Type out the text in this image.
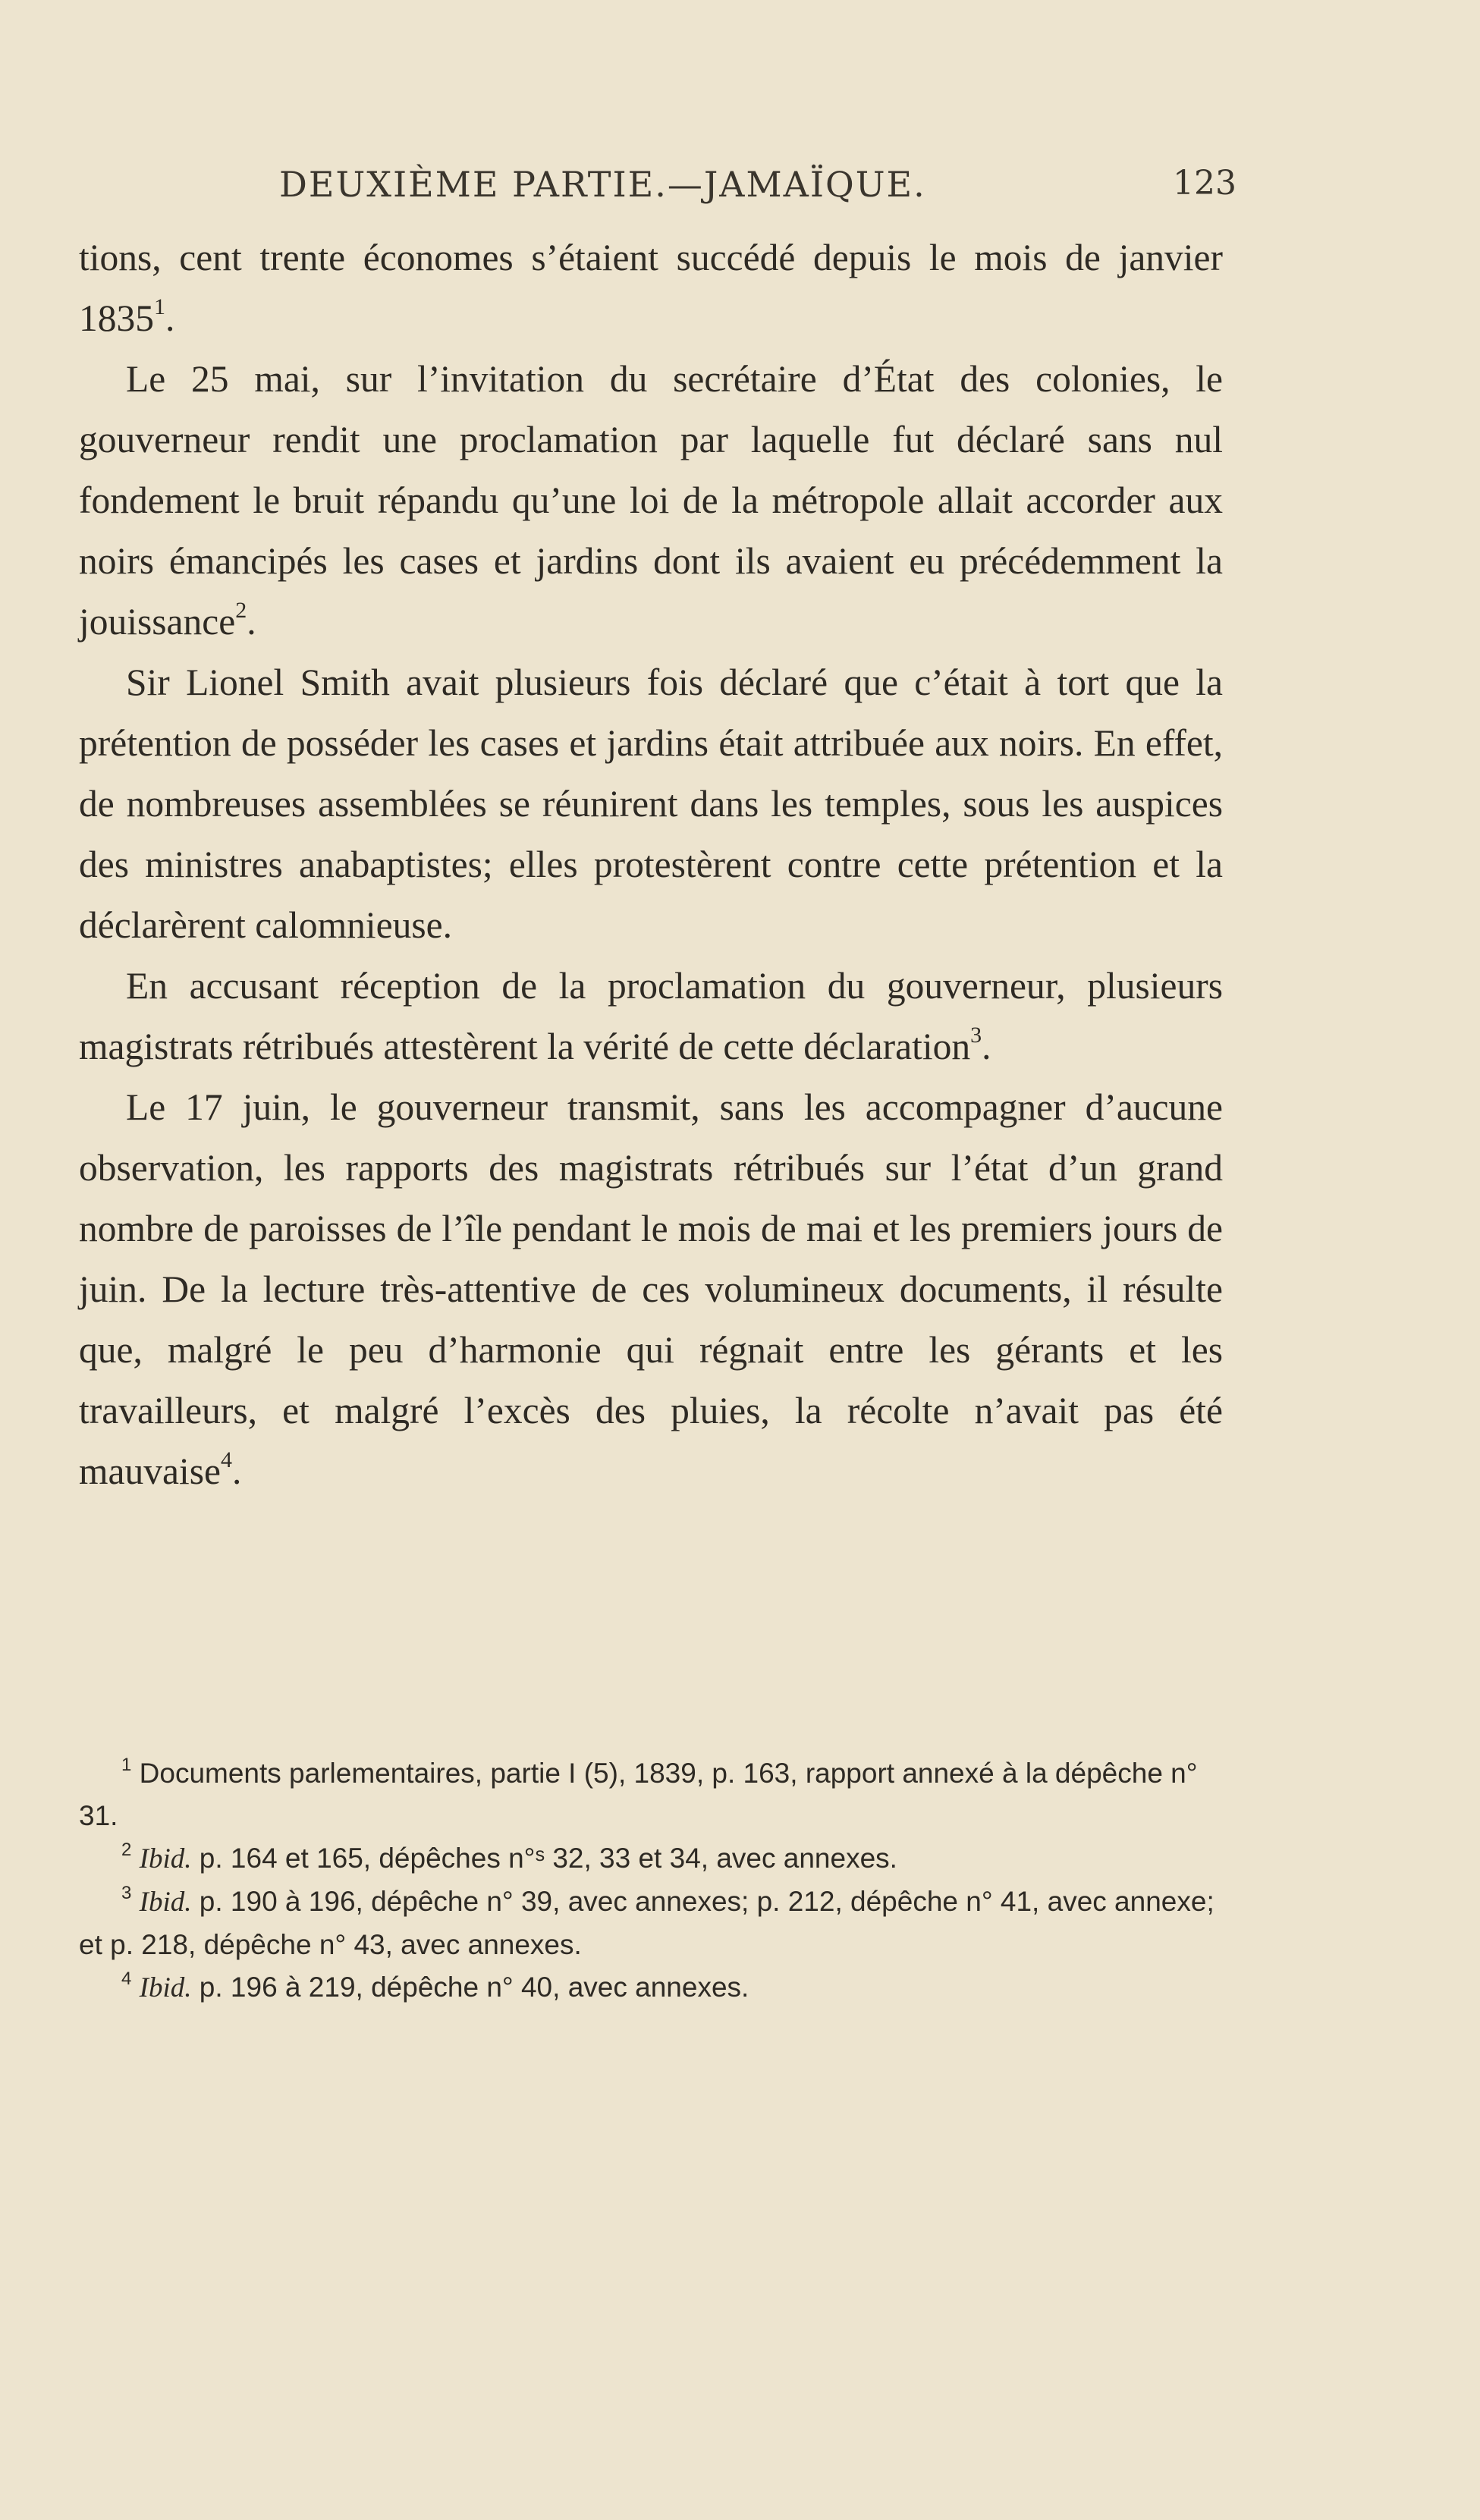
DEUXIÈME PARTIE.—JAMAÏQUE.	123

tions, cent trente économes s’étaient succédé depuis le mois de janvier 1835$^1$.

Le 25 mai, sur l’invitation du secrétaire d’État des colonies, le gouverneur rendit une proclamation par laquelle fut déclaré sans nul fondement le bruit répandu qu’une loi de la métropole allait accorder aux noirs émancipés les cases et jardins dont ils avaient eu précédemment la jouissance$^2$.

Sir Lionel Smith avait plusieurs fois déclaré que c’était à tort que la prétention de posséder les cases et jardins était attribuée aux noirs. En effet, de nombreuses assemblées se réunirent dans les temples, sous les auspices des ministres anabaptistes; elles protestèrent contre cette prétention et la déclarèrent calomnieuse.

En accusant réception de la proclamation du gouverneur, plusieurs magistrats rétribués attestèrent la vérité de cette déclaration$^3$.

Le 17 juin, le gouverneur transmit, sans les accompagner d’aucune observation, les rapports des magistrats rétribués sur l’état d’un grand nombre de paroisses de l’île pendant le mois de mai et les premiers jours de juin. De la lecture très-attentive de ces volumineux documents, il résulte que, malgré le peu d’harmonie qui régnait entre les gérants et les travailleurs, et malgré l’excès des pluies, la récolte n’avait pas été mauvaise$^4$.

$^1$ Documents parlementaires, partie I (5), 1839, p. 163, rapport annexé à la dépêche n° 31.

$^2$ Ibid. p. 164 et 165, dépêches n°ˢ 32, 33 et 34, avec annexes.

$^3$ Ibid. p. 190 à 196, dépêche n° 39, avec annexes; p. 212, dépêche n° 41, avec annexe; et p. 218, dépêche n° 43, avec annexes.

$^4$ Ibid. p. 196 à 219, dépêche n° 40, avec annexes.
